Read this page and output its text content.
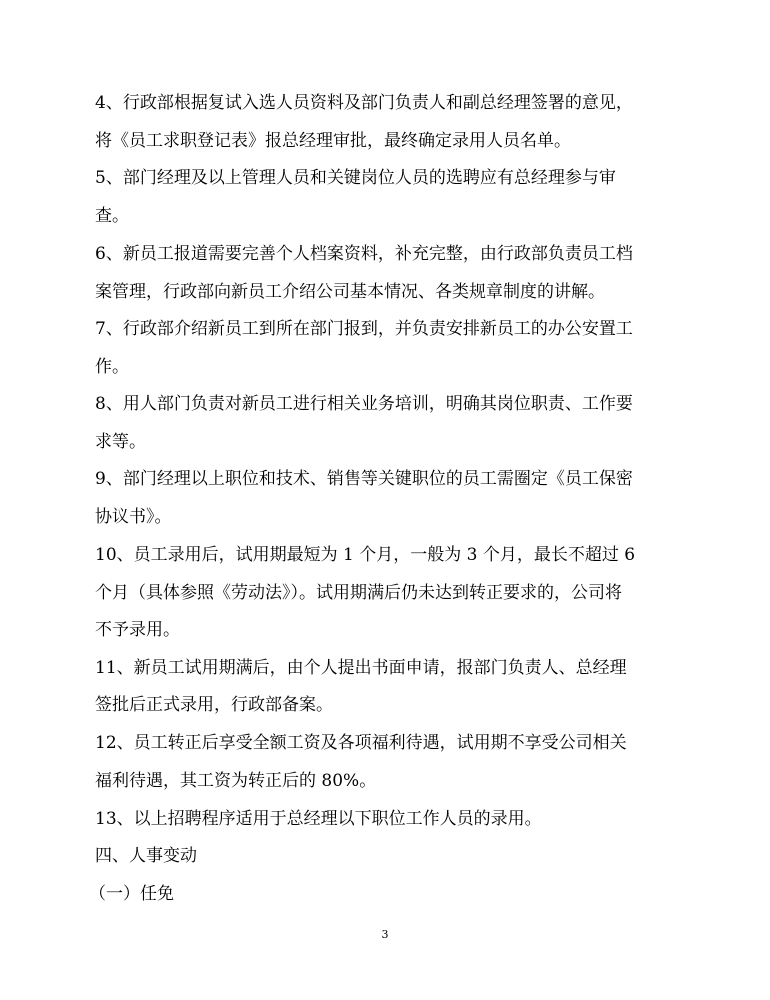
4、行政部根据复试入选人员资料及部门负责人和副总经理签署的意见，
将《员工求职登记表》报总经理审批，最终确定录用人员名单。
5、部门经理及以上管理人员和关键岗位人员的选聘应有总经理参与审
查。
6、新员工报道需要完善个人档案资料，补充完整，由行政部负责员工档
案管理，行政部向新员工介绍公司基本情况、各类规章制度的讲解。
7、行政部介绍新员工到所在部门报到，并负责安排新员工的办公安置工
作。
8、用人部门负责对新员工进行相关业务培训，明确其岗位职责、工作要
求等。
9、部门经理以上职位和技术、销售等关键职位的员工需圈定《员工保密
协议书》。
10、员工录用后，试用期最短为 1 个月，一般为 3 个月，最长不超过 6
个月（具体参照《劳动法》）。试用期满后仍未达到转正要求的，公司将
不予录用。
11、新员工试用期满后，由个人提出书面申请，报部门负责人、总经理
签批后正式录用，行政部备案。
12、员工转正后享受全额工资及各项福利待遇，试用期不享受公司相关
福利待遇，其工资为转正后的 80%。
13、以上招聘程序适用于总经理以下职位工作人员的录用。
四、人事变动
（一）任免
3
